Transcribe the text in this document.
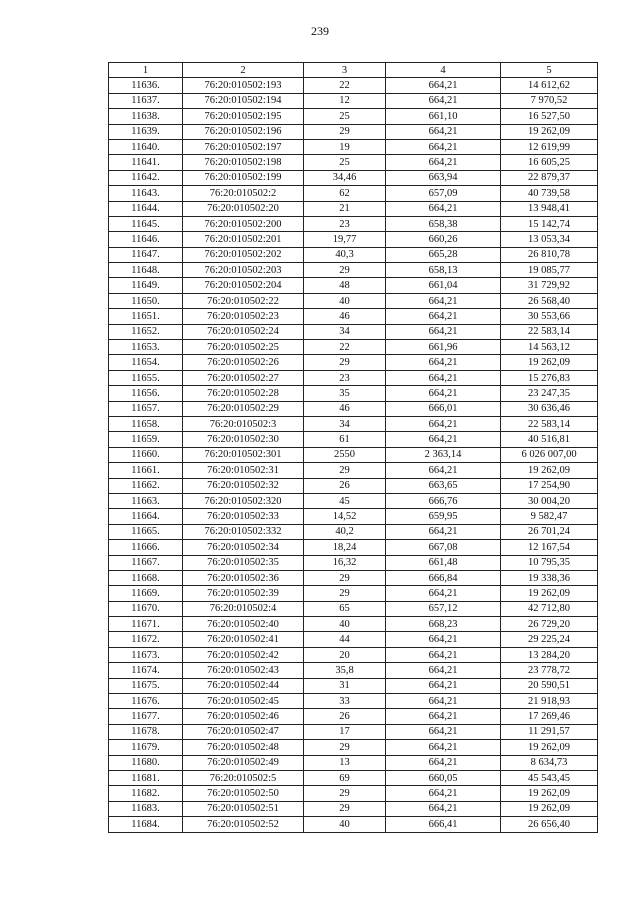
239
1	2	3	4	5
11636.	76:20:010502:193	22	664,21	14 612,62
11637.	76:20:010502:194	12	664,21	7 970,52
11638.	76:20:010502:195	25	661,10	16 527,50
11639.	76:20:010502:196	29	664,21	19 262,09
11640.	76:20:010502:197	19	664,21	12 619,99
11641.	76:20:010502:198	25	664,21	16 605,25
11642.	76:20:010502:199	34,46	663,94	22 879,37
11643.	76:20:010502:2	62	657,09	40 739,58
11644.	76:20:010502:20	21	664,21	13 948,41
11645.	76:20:010502:200	23	658,38	15 142,74
11646.	76:20:010502:201	19,77	660,26	13 053,34
11647.	76:20:010502:202	40,3	665,28	26 810,78
11648.	76:20:010502:203	29	658,13	19 085,77
11649.	76:20:010502:204	48	661,04	31 729,92
11650.	76:20:010502:22	40	664,21	26 568,40
11651.	76:20:010502:23	46	664,21	30 553,66
11652.	76:20:010502:24	34	664,21	22 583,14
11653.	76:20:010502:25	22	661,96	14 563,12
11654.	76:20:010502:26	29	664,21	19 262,09
11655.	76:20:010502:27	23	664,21	15 276,83
11656.	76:20:010502:28	35	664,21	23 247,35
11657.	76:20:010502:29	46	666,01	30 636,46
11658.	76:20:010502:3	34	664,21	22 583,14
11659.	76:20:010502:30	61	664,21	40 516,81
11660.	76:20:010502:301	2550	2 363,14	6 026 007,00
11661.	76:20:010502:31	29	664,21	19 262,09
11662.	76:20:010502:32	26	663,65	17 254,90
11663.	76:20:010502:320	45	666,76	30 004,20
11664.	76:20:010502:33	14,52	659,95	9 582,47
11665.	76:20:010502:332	40,2	664,21	26 701,24
11666.	76:20:010502:34	18,24	667,08	12 167,54
11667.	76:20:010502:35	16,32	661,48	10 795,35
11668.	76:20:010502:36	29	666,84	19 338,36
11669.	76:20:010502:39	29	664,21	19 262,09
11670.	76:20:010502:4	65	657,12	42 712,80
11671.	76:20:010502:40	40	668,23	26 729,20
11672.	76:20:010502:41	44	664,21	29 225,24
11673.	76:20:010502:42	20	664,21	13 284,20
11674.	76:20:010502:43	35,8	664,21	23 778,72
11675.	76:20:010502:44	31	664,21	20 590,51
11676.	76:20:010502:45	33	664,21	21 918,93
11677.	76:20:010502:46	26	664,21	17 269,46
11678.	76:20:010502:47	17	664,21	11 291,57
11679.	76:20:010502:48	29	664,21	19 262,09
11680.	76:20:010502:49	13	664,21	8 634,73
11681.	76:20:010502:5	69	660,05	45 543,45
11682.	76:20:010502:50	29	664,21	19 262,09
11683.	76:20:010502:51	29	664,21	19 262,09
11684.	76:20:010502:52	40	666,41	26 656,40
